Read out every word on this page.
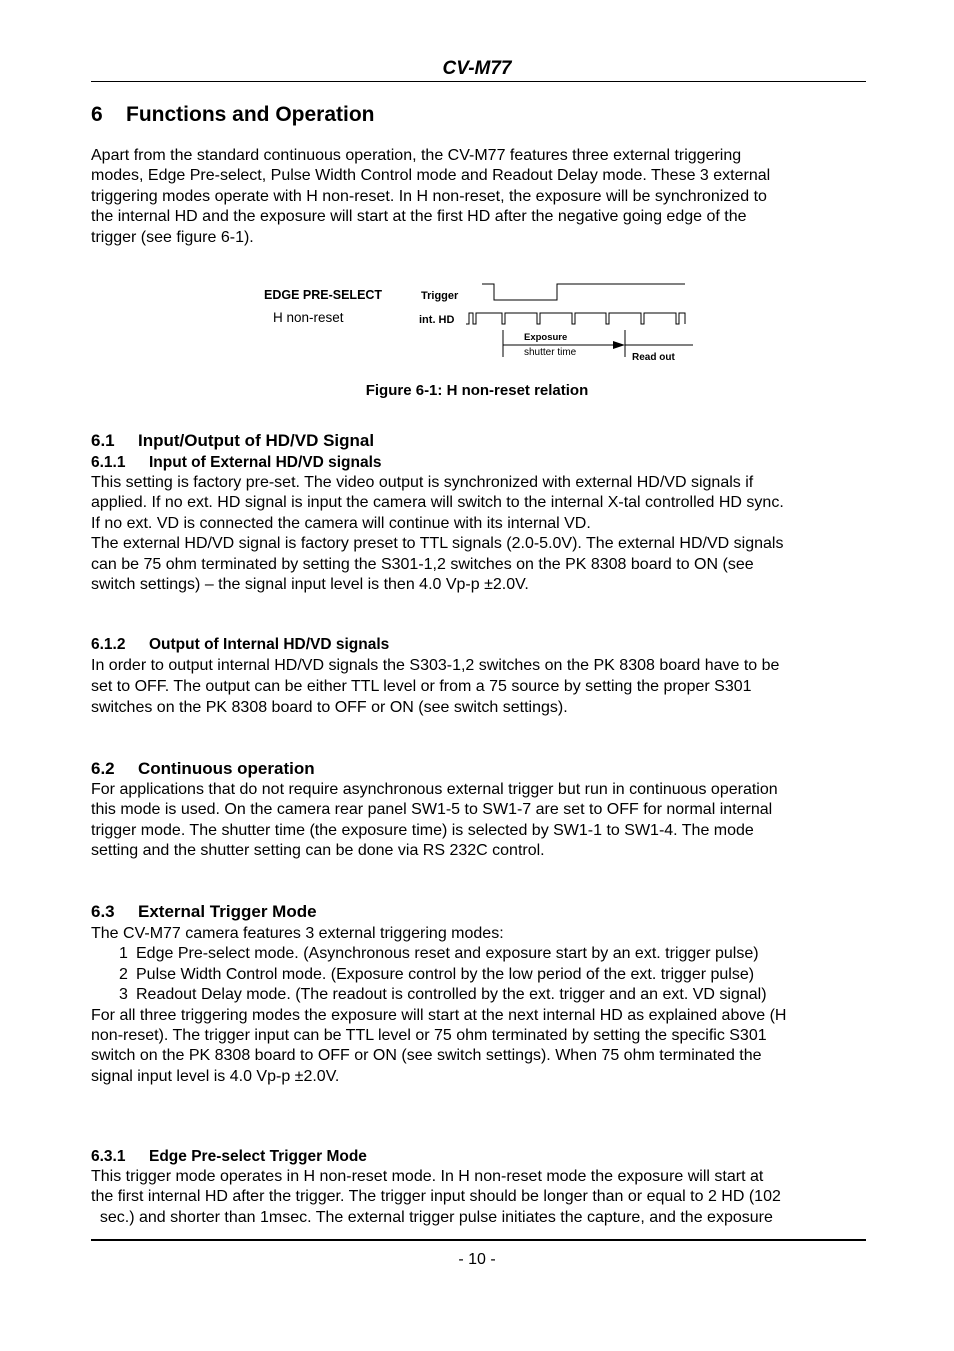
CV-M77
6 Functions and Operation
Apart from the standard continuous operation, the CV-M77 features three external triggering
modes, Edge Pre-select, Pulse Width Control mode and Readout Delay mode. These 3 external
triggering modes operate with H non-reset. In H non-reset, the exposure will be synchronized to
the internal HD and the exposure will start at the first HD after the negative going edge of the
trigger (see figure 6-1).
EDGE PRE-SELECT
H non-reset
Trigger
int. HD
Exposure
shutter time	Read out
Figure 6-1: H non-reset relation
6.1 Input/Output of HD/VD Signal
6.1.1 Input of External HD/VD signals
This setting is factory pre-set. The video output is synchronized with external HD/VD signals if
applied. If no ext. HD signal is input the camera will switch to the internal X-tal controlled HD sync.
If no ext. VD is connected the camera will continue with its internal VD.
The external HD/VD signal is factory preset to TTL signals (2.0-5.0V). The external HD/VD signals
can be 75 ohm terminated by setting the S301-1,2 switches on the PK 8308 board to ON (see
switch settings) – the signal input level is then 4.0 Vp-p ±2.0V.
6.1.2 Output of Internal HD/VD signals
In order to output internal HD/VD signals the S303-1,2 switches on the PK 8308 board have to be
set to OFF. The output can be either TTL level or from a 75 source by setting the proper S301
switches on the PK 8308 board to OFF or ON (see switch settings).
6.2 Continuous operation
For applications that do not require asynchronous external trigger but run in continuous operation
this mode is used. On the camera rear panel SW1-5 to SW1-7 are set to OFF for normal internal
trigger mode. The shutter time (the exposure time) is selected by SW1-1 to SW1-4. The mode
setting and the shutter setting can be done via RS 232C control.
6.3 External Trigger Mode
The CV-M77 camera features 3 external triggering modes:
1 Edge Pre-select mode. (Asynchronous reset and exposure start by an ext. trigger pulse)
2 Pulse Width Control mode. (Exposure control by the low period of the ext. trigger pulse)
3 Readout Delay mode. (The readout is controlled by the ext. trigger and an ext. VD signal)
For all three triggering modes the exposure will start at the next internal HD as explained above (H
non-reset). The trigger input can be TTL level or 75 ohm terminated by setting the specific S301
switch on the PK 8308 board to OFF or ON (see switch settings). When 75 ohm terminated the
signal input level is 4.0 Vp-p ±2.0V.
6.3.1 Edge Pre-select Trigger Mode
This trigger mode operates in H non-reset mode. In H non-reset mode the exposure will start at
the first internal HD after the trigger. The trigger input should be longer than or equal to 2 HD (102
sec.) and shorter than 1msec. The external trigger pulse initiates the capture, and the exposure
- 10 -
